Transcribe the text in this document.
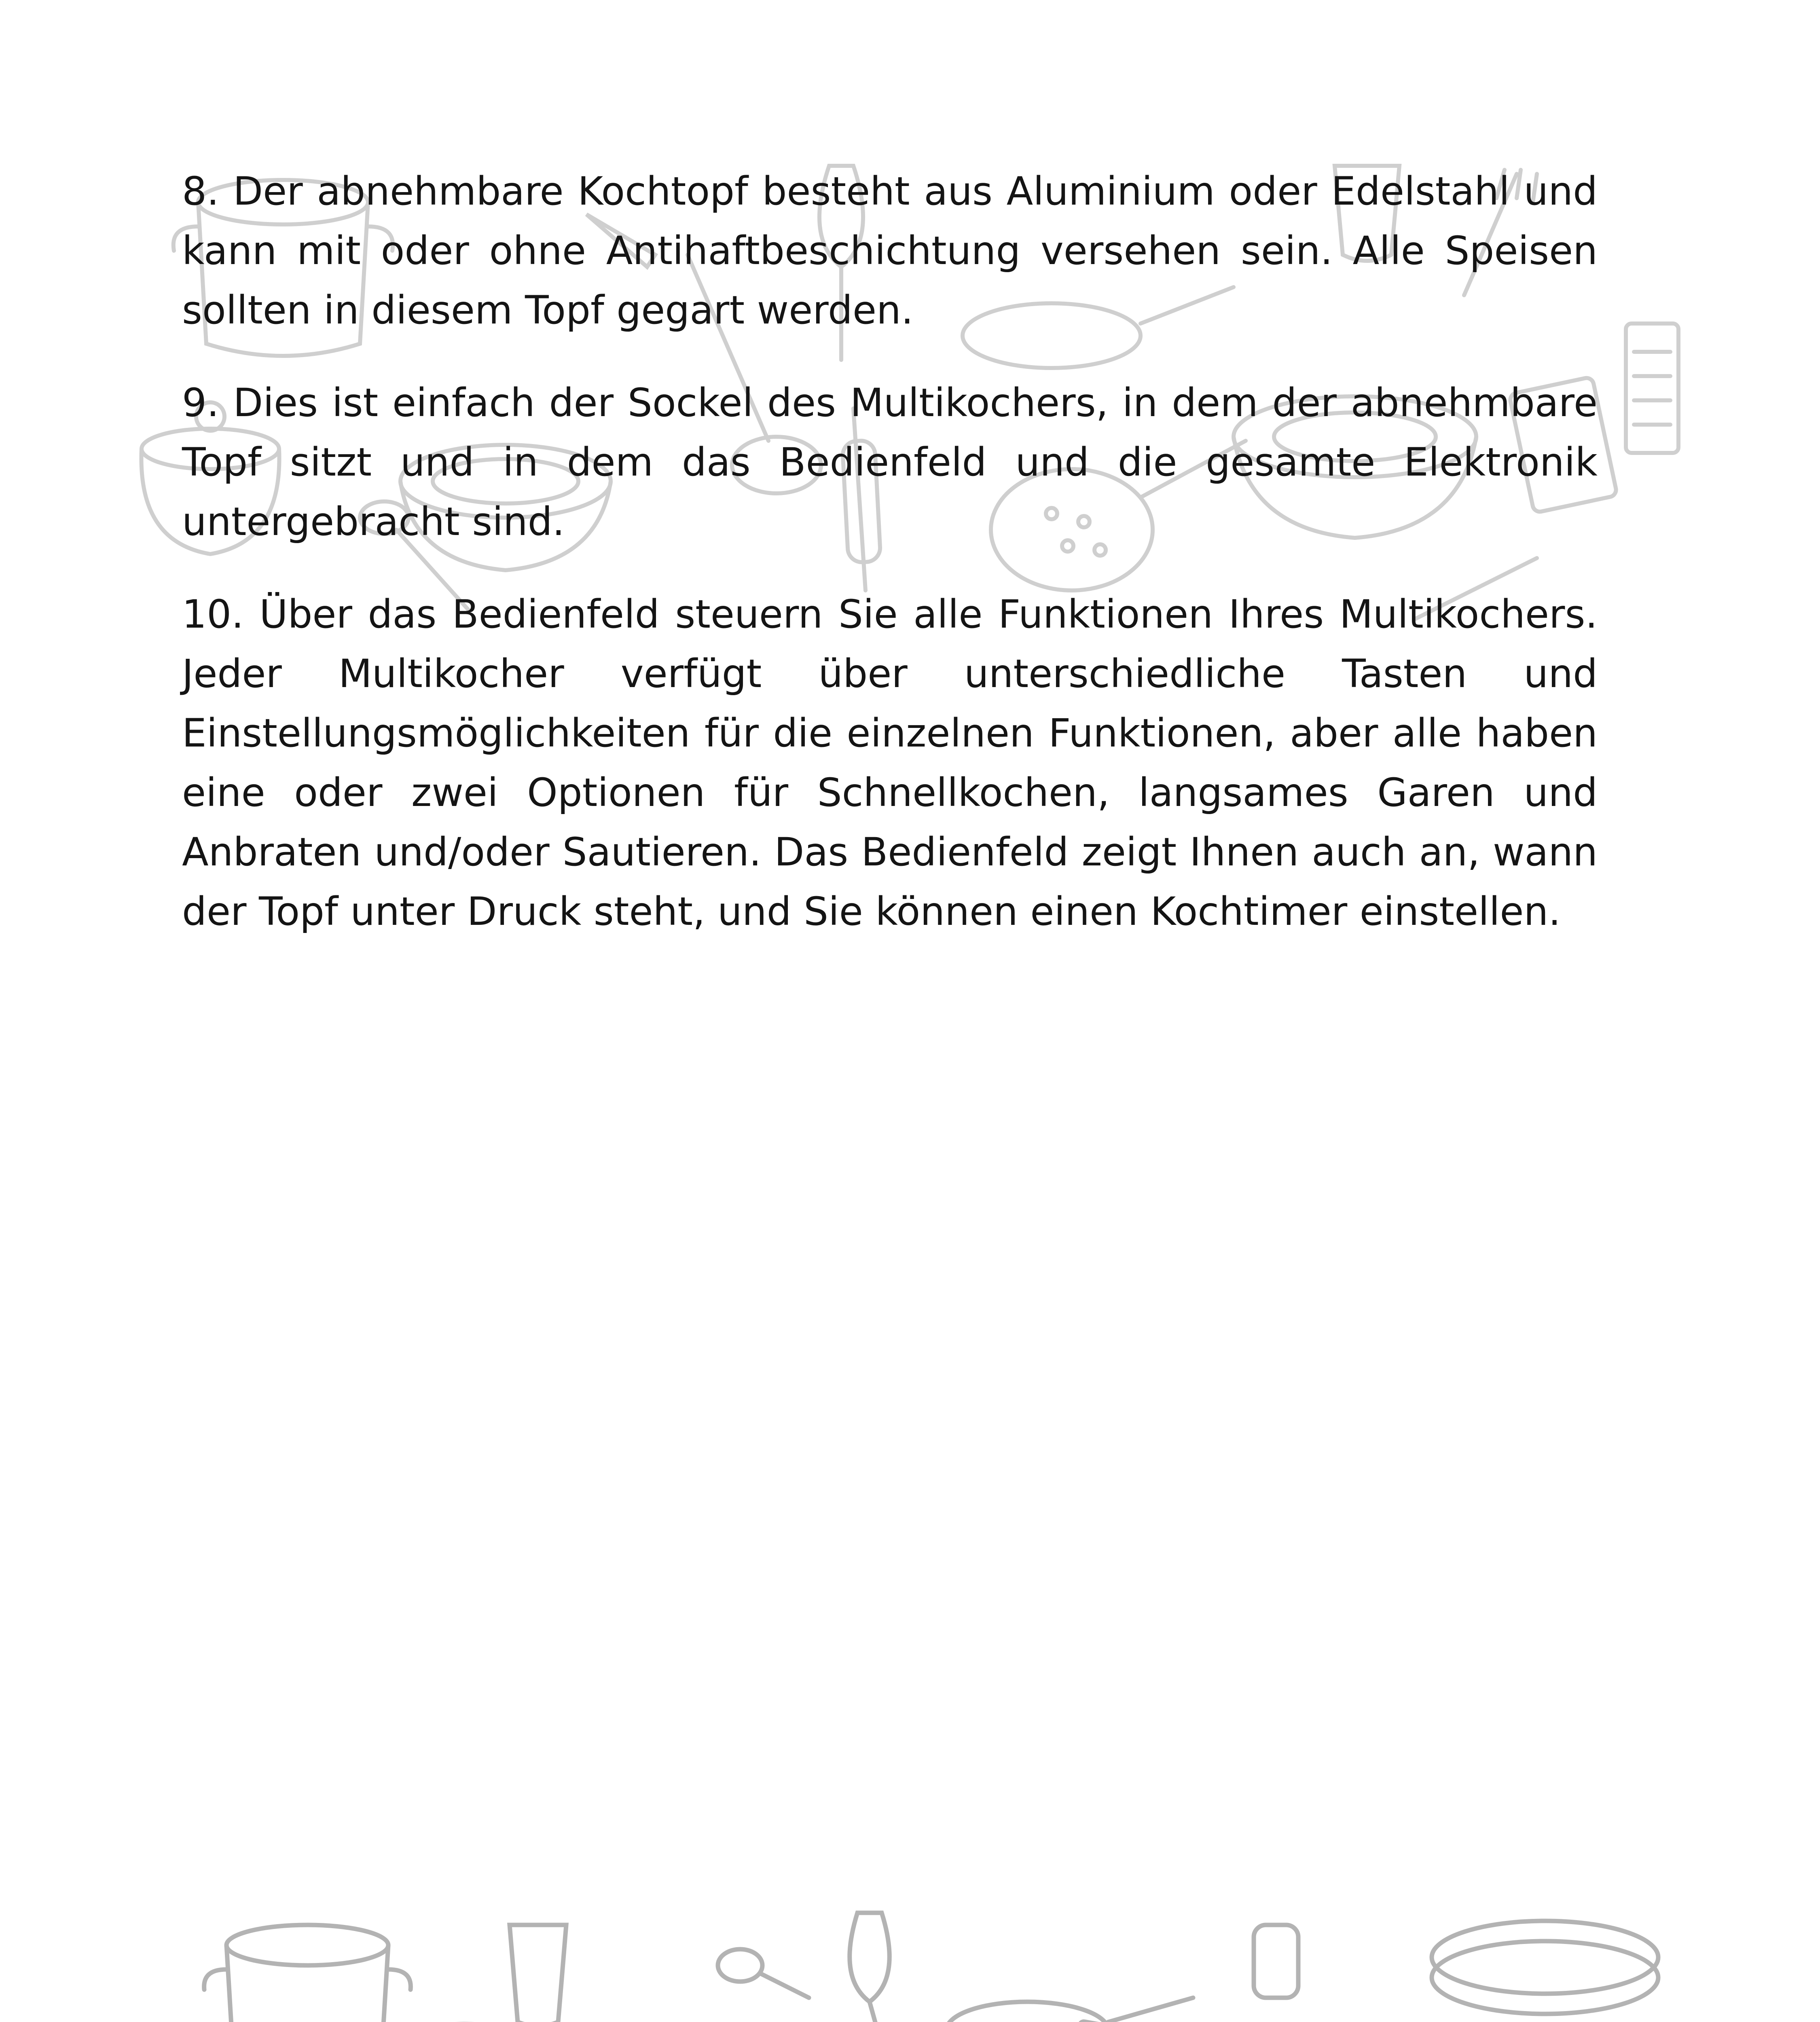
8. Der abnehmbare Kochtopf besteht aus Aluminium oder Edelstahl und kann mit oder ohne Antihaftbeschichtung versehen sein. Alle Speisen sollten in diesem Topf gegart werden.

9. Dies ist einfach der Sockel des Multikochers, in dem der abnehmbare Topf sitzt und in dem das Bedienfeld und die gesamte Elektronik untergebracht sind.

10. Über das Bedienfeld steuern Sie alle Funktionen Ihres Multikochers. Jeder Multikocher verfügt über unterschiedliche Tasten und Einstellungsmöglichkeiten für die einzelnen Funktionen, aber alle haben eine oder zwei Optionen für Schnellkochen, langsames Garen und Anbraten und/oder Sautieren. Das Bedienfeld zeigt Ihnen auch an, wann der Topf unter Druck steht, und Sie können einen Kochtimer einstellen.
